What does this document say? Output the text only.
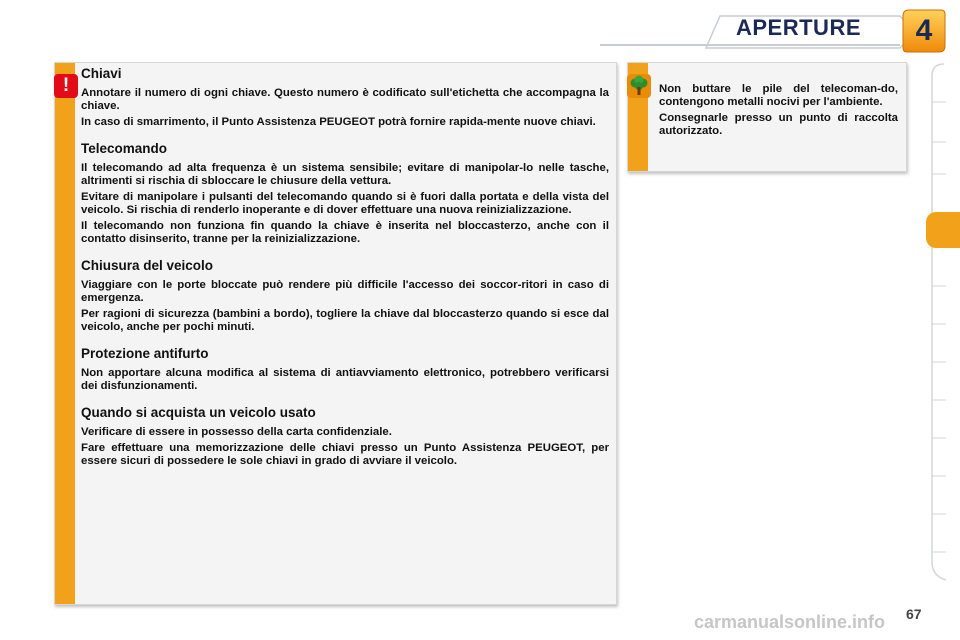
APERTURE	4
!
Chiavi

Annotare il numero di ogni chiave. Questo numero è codificato sull'etichetta che accompagna la chiave.

In caso di smarrimento, il Punto Assistenza PEUGEOT potrà fornire rapida-mente nuove chiavi.

Telecomando

Il telecomando ad alta frequenza è un sistema sensibile; evitare di manipolar-lo nelle tasche, altrimenti si rischia di sbloccare le chiusure della vettura.

Evitare di manipolare i pulsanti del telecomando quando si è fuori dalla portata e della vista del veicolo. Si rischia di renderlo inoperante e di dover effettuare una nuova reinizializzazione.

Il telecomando non funziona fin quando la chiave è inserita nel bloccasterzo, anche con il contatto disinserito, tranne per la reinizializzazione.

Chiusura del veicolo

Viaggiare con le porte bloccate può rendere più difficile l'accesso dei soccor-ritori in caso di emergenza.

Per ragioni di sicurezza (bambini a bordo), togliere la chiave dal bloccasterzo quando si esce dal veicolo, anche per pochi minuti.

Protezione antifurto

Non apportare alcuna modifica al sistema di antiavviamento elettronico, potrebbero verificarsi dei disfunzionamenti.

Quando si acquista un veicolo usato

Verificare di essere in possesso della carta confidenziale.

Fare effettuare una memorizzazione delle chiavi presso un Punto Assistenza PEUGEOT, per essere sicuri di possedere le sole chiavi in grado di avviare il veicolo.

Non buttare le pile del telecoman-do, contengono metalli nocivi per l'ambiente.

Consegnarle presso un punto di raccolta autorizzato.

carmanualsonline.info 67
